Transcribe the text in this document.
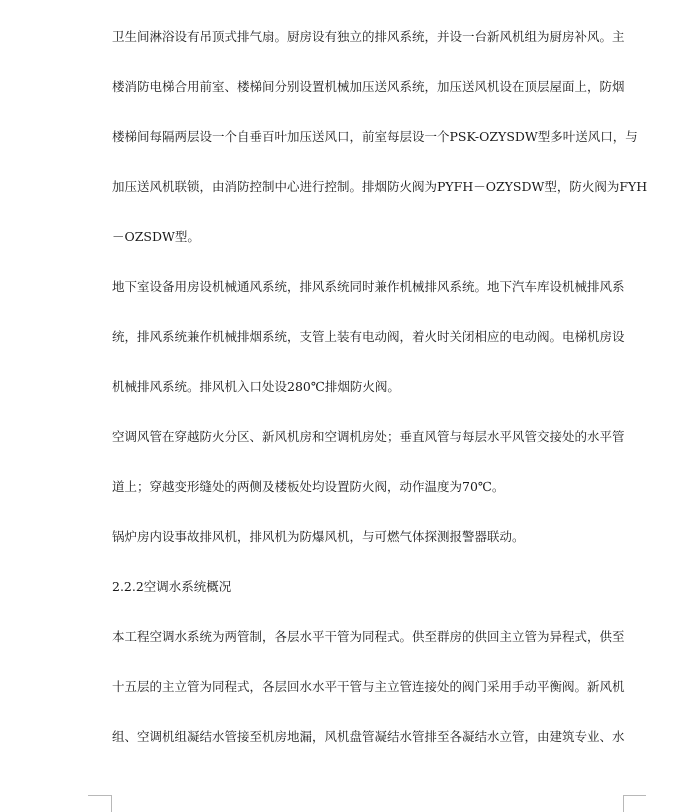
卫生间淋浴设有吊顶式排气扇。厨房设有独立的排风系统，并设一台新风机组为厨房补风。主
楼消防电梯合用前室、楼梯间分别设置机械加压送风系统，加压送风机设在顶层屋面上，防烟
楼梯间每隔两层设一个自垂百叶加压送风口，前室每层设一个PSK-OZYSDW型多叶送风口，与
加压送风机联锁，由消防控制中心进行控制。排烟防火阀为PYFH－OZYSDW型，防火阀为FYH
－OZSDW型。
地下室设备用房设机械通风系统，排风系统同时兼作机械排风系统。地下汽车库设机械排风系
统，排风系统兼作机械排烟系统，支管上装有电动阀，着火时关闭相应的电动阀。电梯机房设
机械排风系统。排风机入口处设280℃排烟防火阀。
空调风管在穿越防火分区、新风机房和空调机房处；垂直风管与每层水平风管交接处的水平管
道上；穿越变形缝处的两侧及楼板处均设置防火阀，动作温度为70℃。
锅炉房内设事故排风机，排风机为防爆风机，与可燃气体探测报警器联动。
2.2.2空调水系统概况
本工程空调水系统为两管制，各层水平干管为同程式。供至群房的供回主立管为异程式，供至
十五层的主立管为同程式，各层回水水平干管与主立管连接处的阀门采用手动平衡阀。新风机
组、空调机组凝结水管接至机房地漏，风机盘管凝结水管排至各凝结水立管，由建筑专业、水
